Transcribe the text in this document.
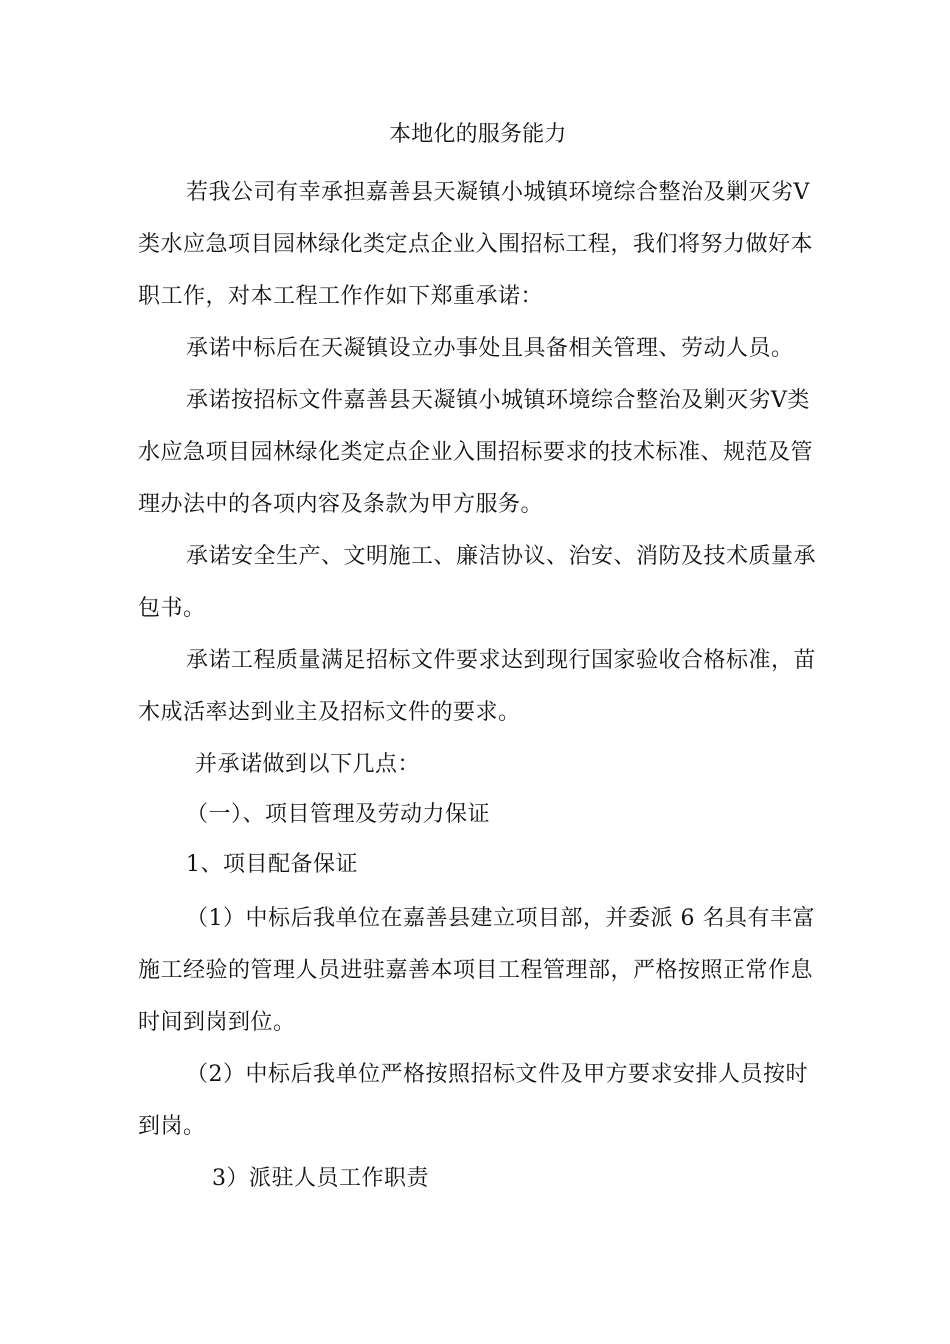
本地化的服务能力

若我公司有幸承担嘉善县天凝镇小城镇环境综合整治及剿灭劣Ⅴ

类水应急项目园林绿化类定点企业入围招标工程，我们将努力做好本

职工作，对本工程工作作如下郑重承诺：

承诺中标后在天凝镇设立办事处且具备相关管理、劳动人员。

承诺按招标文件嘉善县天凝镇小城镇环境综合整治及剿灭劣Ⅴ类

水应急项目园林绿化类定点企业入围招标要求的技术标准、规范及管

理办法中的各项内容及条款为甲方服务。

承诺安全生产、文明施工、廉洁协议、治安、消防及技术质量承

包书。

承诺工程质量满足招标文件要求达到现行国家验收合格标准，苗

木成活率达到业主及招标文件的要求。

并承诺做到以下几点：

（一）、项目管理及劳动力保证

1、项目配备保证

（1）中标后我单位在嘉善县建立项目部，并委派 6 名具有丰富

施工经验的管理人员进驻嘉善本项目工程管理部，严格按照正常作息

时间到岗到位。

（2）中标后我单位严格按照招标文件及甲方要求安排人员按时

到岗。

3）派驻人员工作职责
